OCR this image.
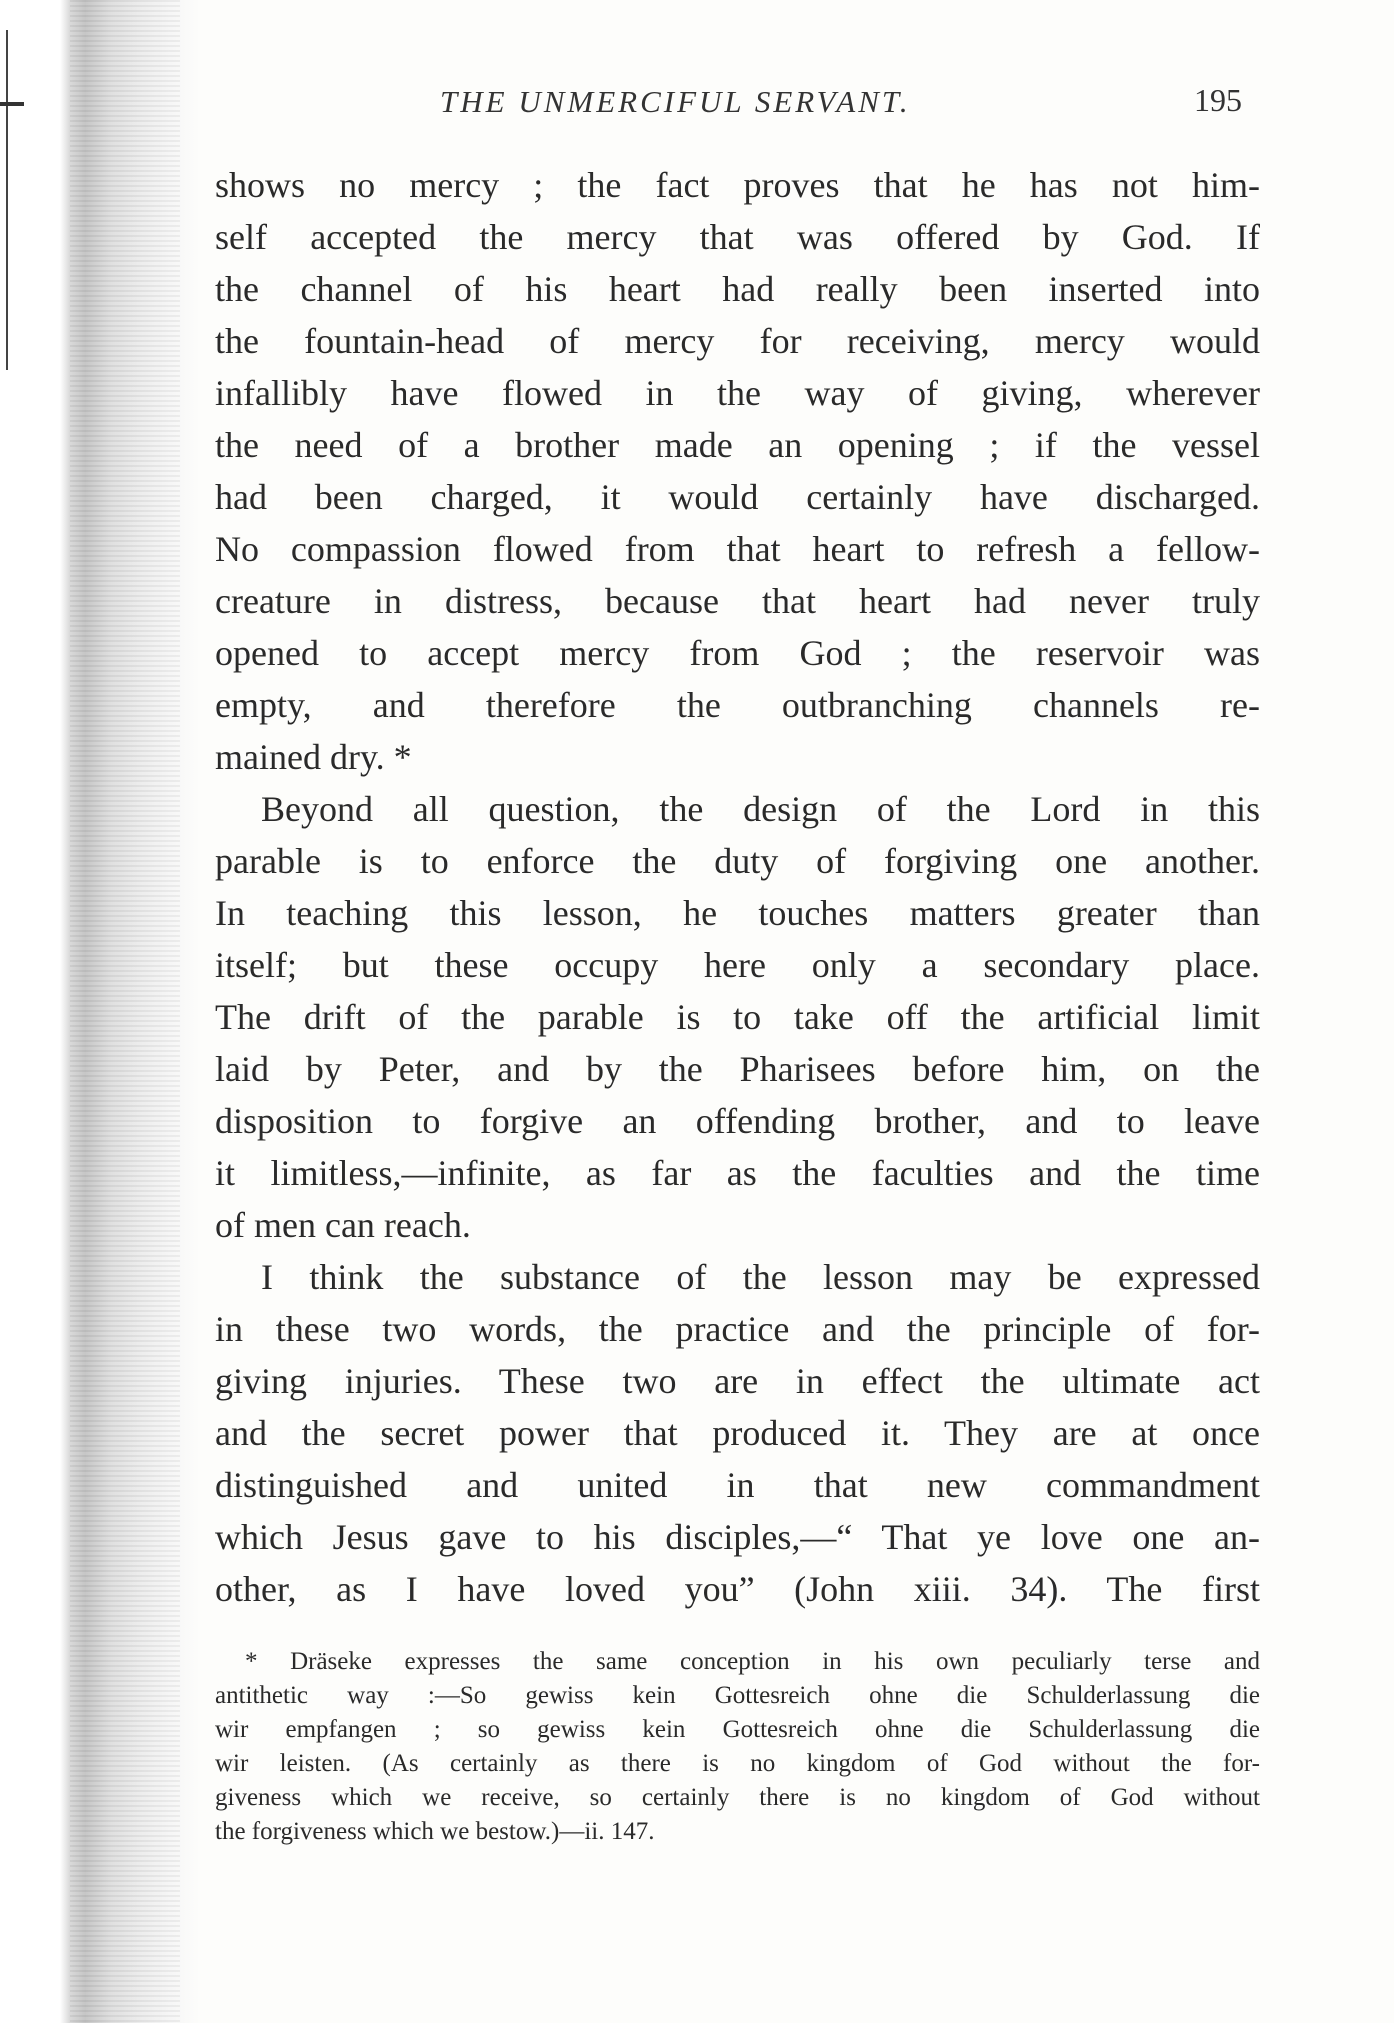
THE UNMERCIFUL SERVANT.	195
shows no mercy ; the fact proves that he has not him-
self accepted the mercy that was offered by God. If
the channel of his heart had really been inserted into
the fountain-head of mercy for receiving, mercy would
infallibly have flowed in the way of giving, wherever
the need of a brother made an opening ; if the vessel
had been charged, it would certainly have discharged.
No compassion flowed from that heart to refresh a fellow-
creature in distress, because that heart had never truly
opened to accept mercy from God ; the reservoir was
empty, and therefore the outbranching channels re-
mained dry. *
Beyond all question, the design of the Lord in this
parable is to enforce the duty of forgiving one another.
In teaching this lesson, he touches matters greater than
itself; but these occupy here only a secondary place.
The drift of the parable is to take off the artificial limit
laid by Peter, and by the Pharisees before him, on the
disposition to forgive an offending brother, and to leave
it limitless,—infinite, as far as the faculties and the time
of men can reach.
I think the substance of the lesson may be expressed
in these two words, the practice and the principle of for-
giving injuries. These two are in effect the ultimate act
and the secret power that produced it. They are at once
distinguished and united in that new commandment
which Jesus gave to his disciples,—“ That ye love one an-
other, as I have loved you” (John xiii. 34). The first
* Dräseke expresses the same conception in his own peculiarly terse and
antithetic way :—So gewiss kein Gottesreich ohne die Schulderlassung die
wir empfangen ; so gewiss kein Gottesreich ohne die Schulderlassung die
wir leisten. (As certainly as there is no kingdom of God without the for-
giveness which we receive, so certainly there is no kingdom of God without
the forgiveness which we bestow.)—ii. 147.
